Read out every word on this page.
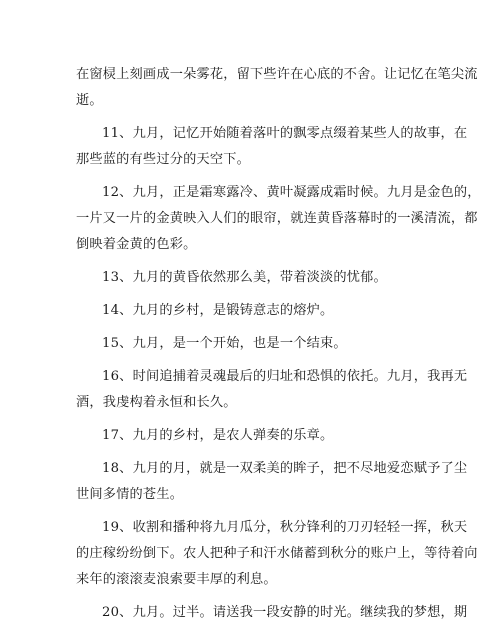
在窗棂上刻画成一朵雾花，留下些许在心底的不舍。让记忆在笔尖流
逝。

11、九月，记忆开始随着落叶的飘零点缀着某些人的故事，在
那些蓝的有些过分的天空下。

12、九月，正是霜寒露冷、黄叶凝露成霜时候。九月是金色的，
一片又一片的金黄映入人们的眼帘，就连黄昏落幕时的一溪清流，都
倒映着金黄的色彩。

13、九月的黄昏依然那么美，带着淡淡的忧郁。

14、九月的乡村，是锻铸意志的熔炉。

15、九月，是一个开始，也是一个结束。

16、时间追捕着灵魂最后的归址和恐惧的依托。九月，我再无
酒，我虔构着永恒和长久。

17、九月的乡村，是农人弹奏的乐章。

18、九月的月，就是一双柔美的眸子，把不尽地爱恋赋予了尘
世间多情的苍生。

19、收割和播种将九月瓜分，秋分锋利的刀刃轻轻一挥，秋天
的庄稼纷纷倒下。农人把种子和汗水储蓄到秋分的账户上，等待着向
来年的滚滚麦浪索要丰厚的利息。

20、九月。过半。请送我一段安静的时光。继续我的梦想，期
